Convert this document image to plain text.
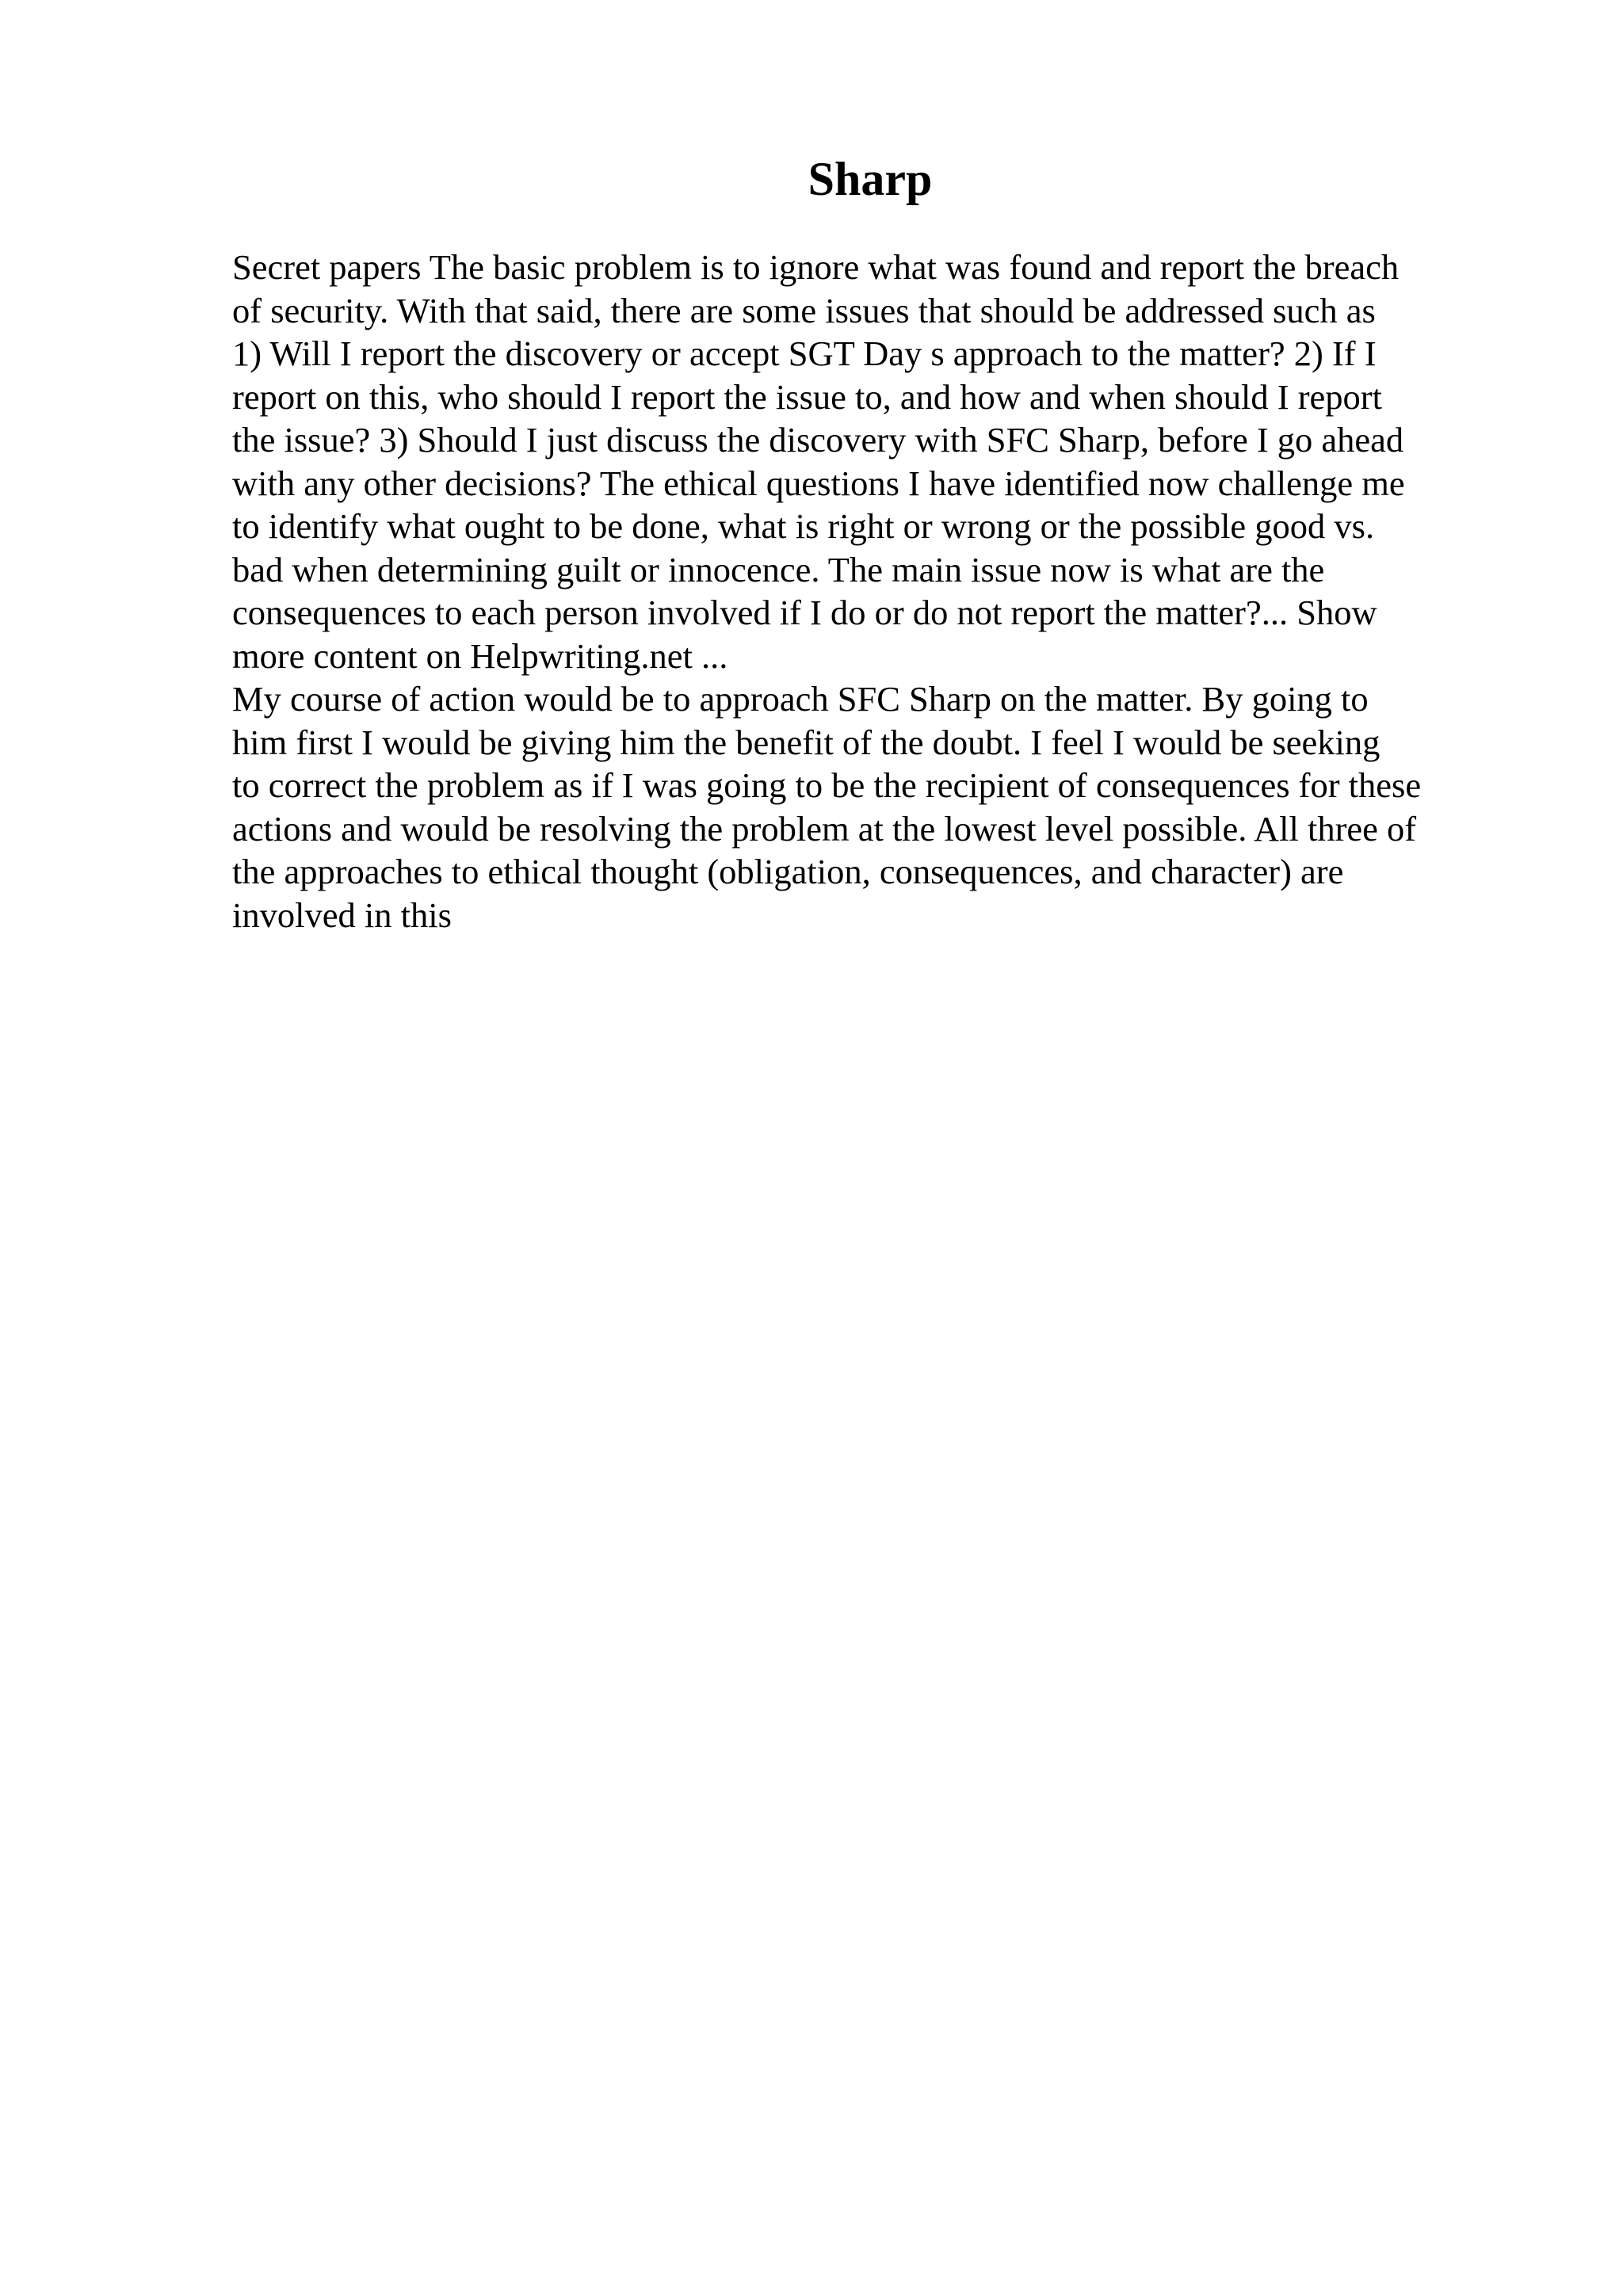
Sharp

Secret papers The basic problem is to ignore what was found and report the breach
of security. With that said, there are some issues that should be addressed such as
1) Will I report the discovery or accept SGT Day s approach to the matter? 2) If I
report on this, who should I report the issue to, and how and when should I report
the issue? 3) Should I just discuss the discovery with SFC Sharp, before I go ahead
with any other decisions? The ethical questions I have identified now challenge me
to identify what ought to be done, what is right or wrong or the possible good vs.
bad when determining guilt or innocence. The main issue now is what are the
consequences to each person involved if I do or do not report the matter?... Show
more content on Helpwriting.net ...

My course of action would be to approach SFC Sharp on the matter. By going to
him first I would be giving him the benefit of the doubt. I feel I would be seeking
to correct the problem as if I was going to be the recipient of consequences for these
actions and would be resolving the problem at the lowest level possible. All three of
the approaches to ethical thought (obligation, consequences, and character) are
involved in this
